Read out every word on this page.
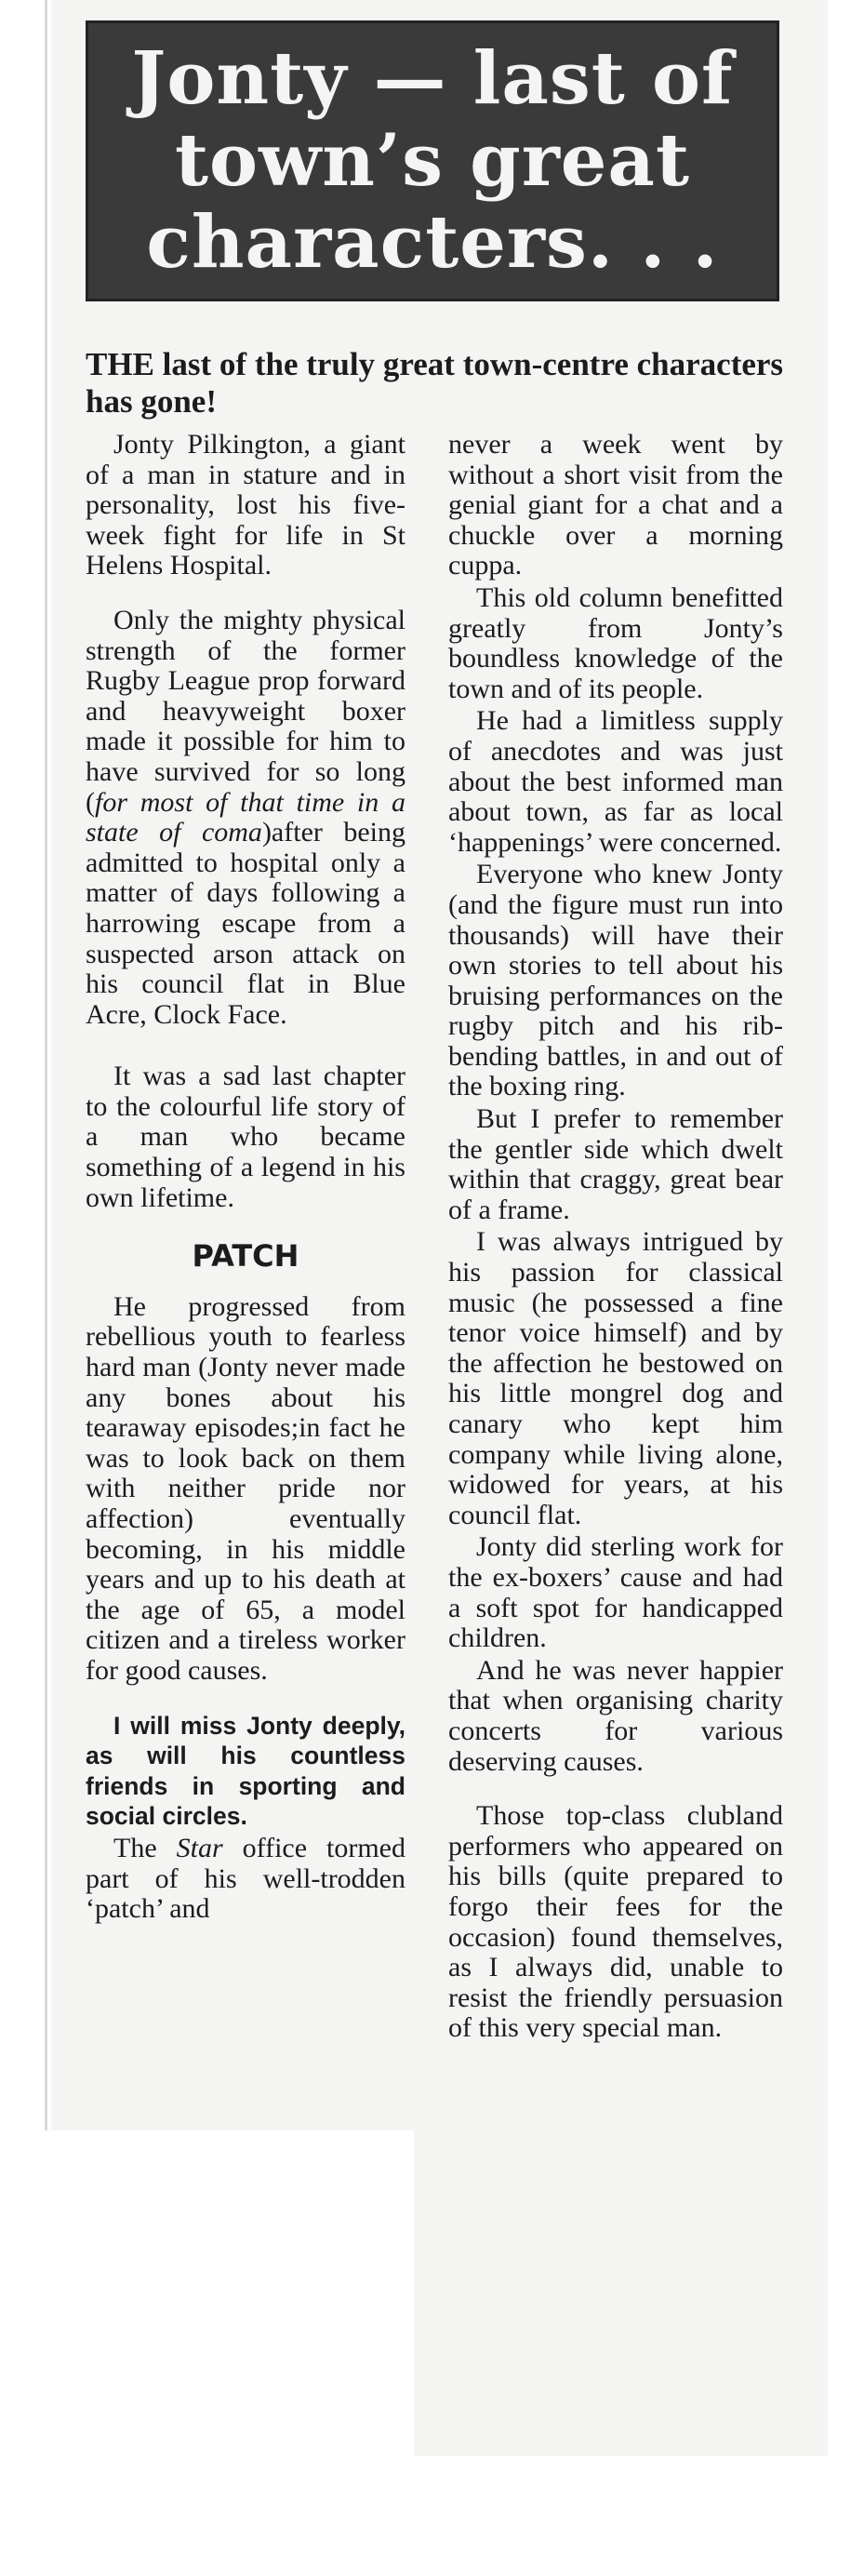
Jonty — last of town’s great characters. . .

THE last of the truly great town-centre characters has gone!

Jonty Pilkington, a giant of a man in stature and in personality, lost his five-week fight for life in St Helens Hospital.

Only the mighty physical strength of the former Rugby League prop forward and heavyweight boxer made it possible for him to have survived for so long (for most of that time in a state of coma)after being admitted to hospital only a matter of days following a harrowing escape from a suspected arson attack on his council flat in Blue Acre, Clock Face.

It was a sad last chapter to the colourful life story of a man who became something of a legend in his own lifetime.

PATCH

He progressed from rebellious youth to fearless hard man (Jonty never made any bones about his tearaway episodes;in fact he was to look back on them with neither pride nor affection) eventually becoming, in his middle years and up to his death at the age of 65, a model citizen and a tireless worker for good causes.

I will miss Jonty deeply, as will his countless friends in sporting and social circles.

The Star office tormed part of his well-trodden ‘patch’ and

never a week went by without a short visit from the genial giant for a chat and a chuckle over a morning cuppa.

This old column benefitted greatly from Jonty’s boundless knowledge of the town and of its people.

He had a limitless supply of anecdotes and was just about the best informed man about town, as far as local ‘happenings’ were concerned.

Everyone who knew Jonty (and the figure must run into thousands) will have their own stories to tell about his bruising performances on the rugby pitch and his rib-bending battles, in and out of the boxing ring.

But I prefer to remember the gentler side which dwelt within that craggy, great bear of a frame.

I was always intrigued by his passion for classical music (he possessed a fine tenor voice himself) and by the affection he bestowed on his little mongrel dog and canary who kept him company while living alone, widowed for years, at his council flat.

Jonty did sterling work for the ex-boxers’ cause and had a soft spot for handicapped children.

And he was never happier that when organising charity concerts for various deserving causes.

Those top-class clubland performers who appeared on his bills (quite prepared to forgo their fees for the occasion) found themselves, as I always did, unable to resist the friendly persuasion of this very special man.
